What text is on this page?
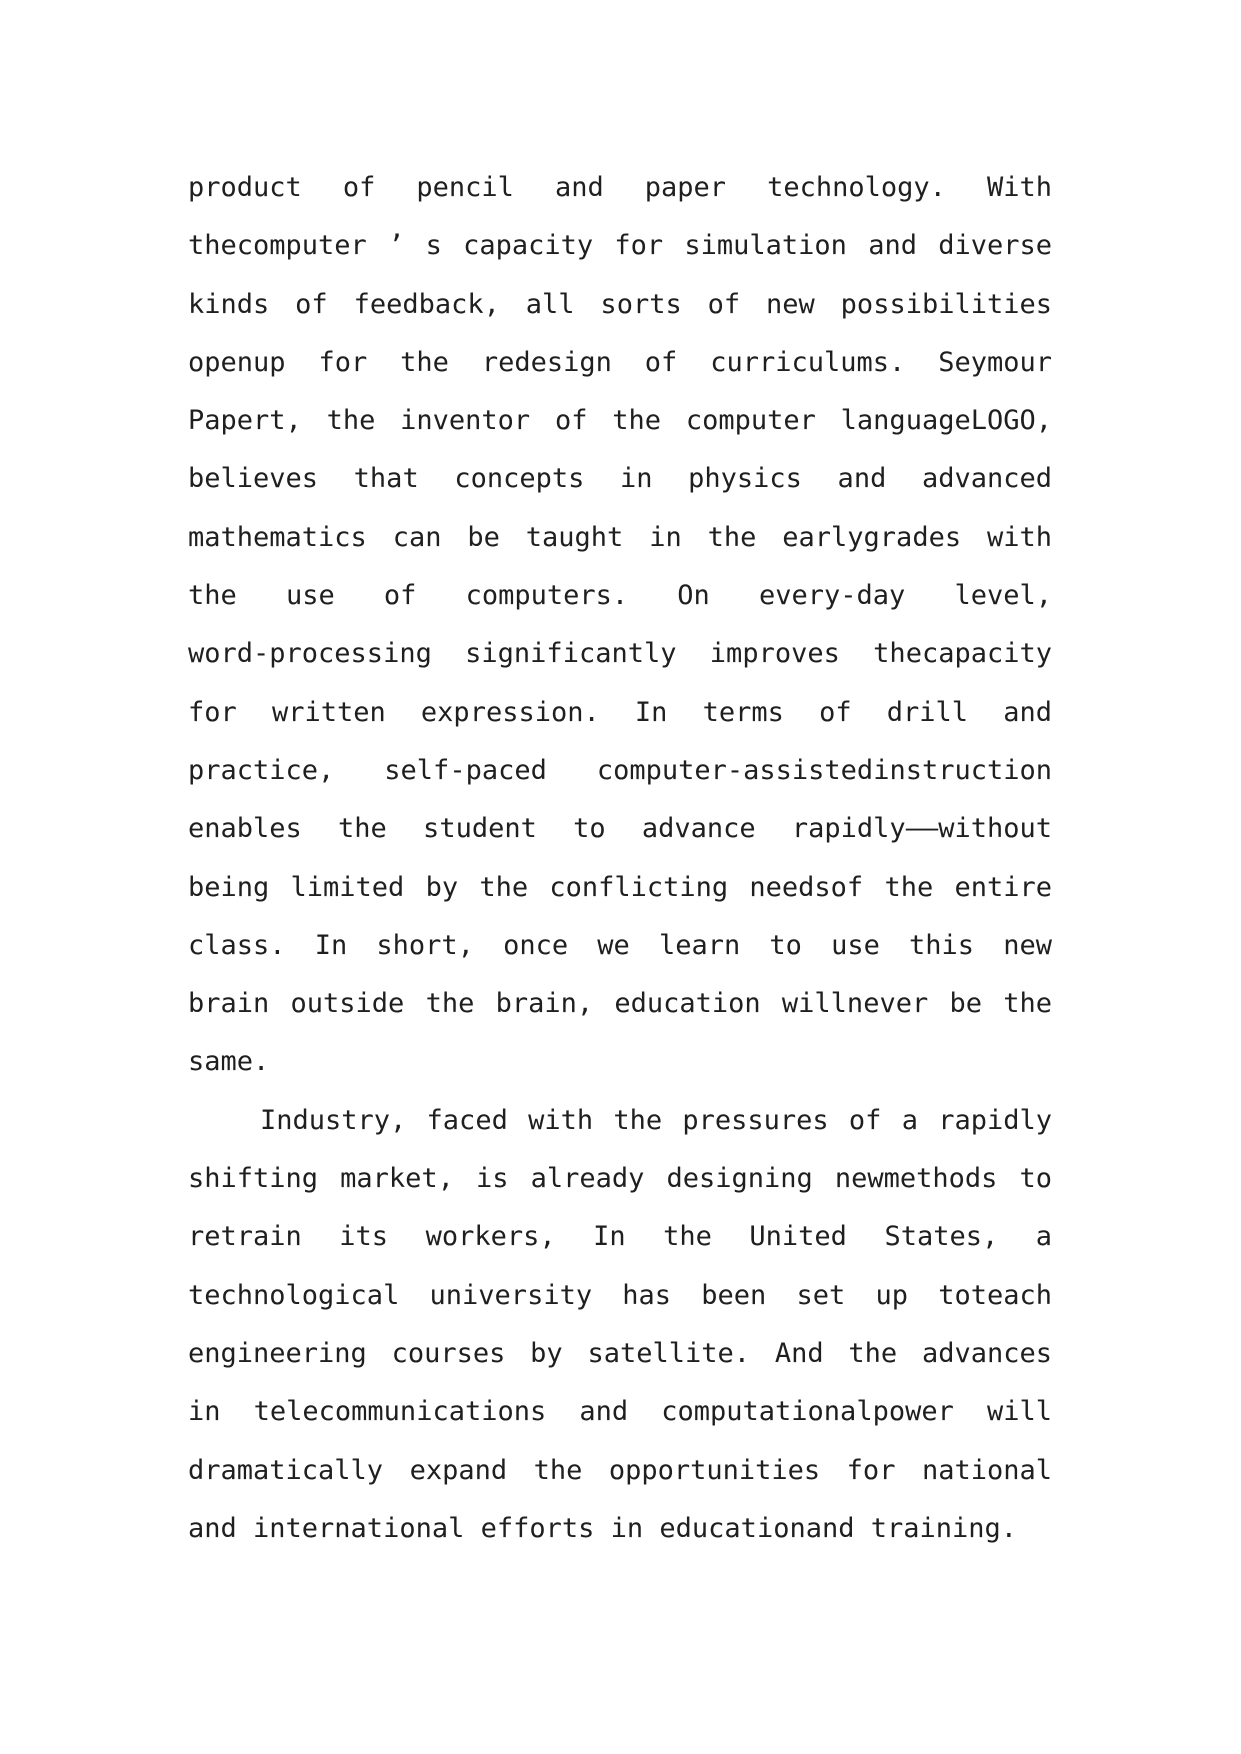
product of pencil and paper technology. With
thecomputer ’ s capacity for simulation and diverse
kinds of feedback, all sorts of new possibilities
openup for the redesign of curriculums. Seymour
Papert, the inventor of the computer languageLOGO,
believes that concepts in physics and advanced
mathematics can be taught in the earlygrades with
the use of computers. On every-day level,
word-processing significantly improves thecapacity
for written expression. In terms of drill and
practice, self-paced computer-assistedinstruction
enables the student to advance rapidly——without
being limited by the conflicting needsof the entire
class. In short, once we learn to use this new
brain outside the brain, education willnever be the
same.
Industry, faced with the pressures of a rapidly
shifting market, is already designing newmethods to
retrain its workers, In the United States, a
technological university has been set up toteach
engineering courses by satellite. And the advances
in telecommunications and computationalpower will
dramatically expand the opportunities for national
and international efforts in educationand training.
